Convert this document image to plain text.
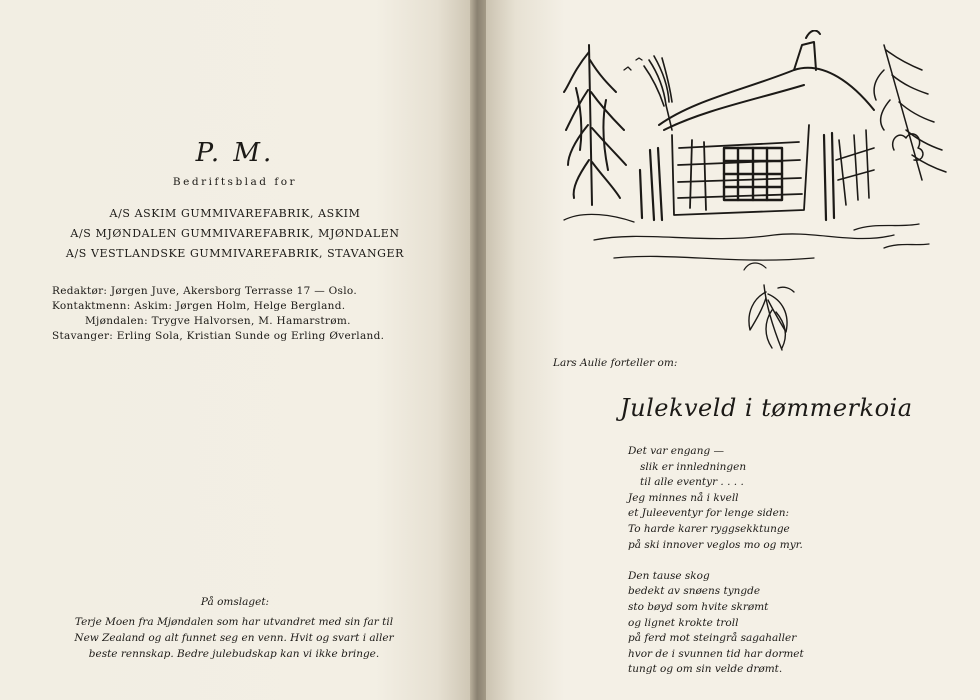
P. M.
Bedriftsblad for
A/S ASKIM GUMMIVAREFABRIK, ASKIM
A/S MJØNDALEN GUMMIVAREFABRIK, MJØNDALEN
A/S VESTLANDSKE GUMMIVAREFABRIK, STAVANGER
Redaktør: Jørgen Juve, Akersborg Terrasse 17 — Oslo.
Kontaktmenn: Askim: Jørgen Holm, Helge Bergland.
Mjøndalen: Trygve Halvorsen, M. Hamarstrøm.
Stavanger: Erling Sola, Kristian Sunde og Erling Øverland.
På omslaget:
Terje Moen fra Mjøndalen som har utvandret med sin far til
New Zealand og alt funnet seg en venn. Hvit og svart i aller
beste rennskap. Bedre julebudskap kan vi ikke bringe.
Lars Aulie forteller om:
Julekveld i tømmerkoia
Det var engang —
slik er innledningen
til alle eventyr . . . .
Jeg minnes nå i kvell
et Juleeventyr for lenge siden:
To harde karer ryggsekktunge
på ski innover veglos mo og myr.
Den tause skog
bedekt av snøens tyngde
sto bøyd som hvite skrømt
og lignet krokte troll
på ferd mot steingrå sagahaller
hvor de i svunnen tid har dormet
tungt og om sin velde drømt.
